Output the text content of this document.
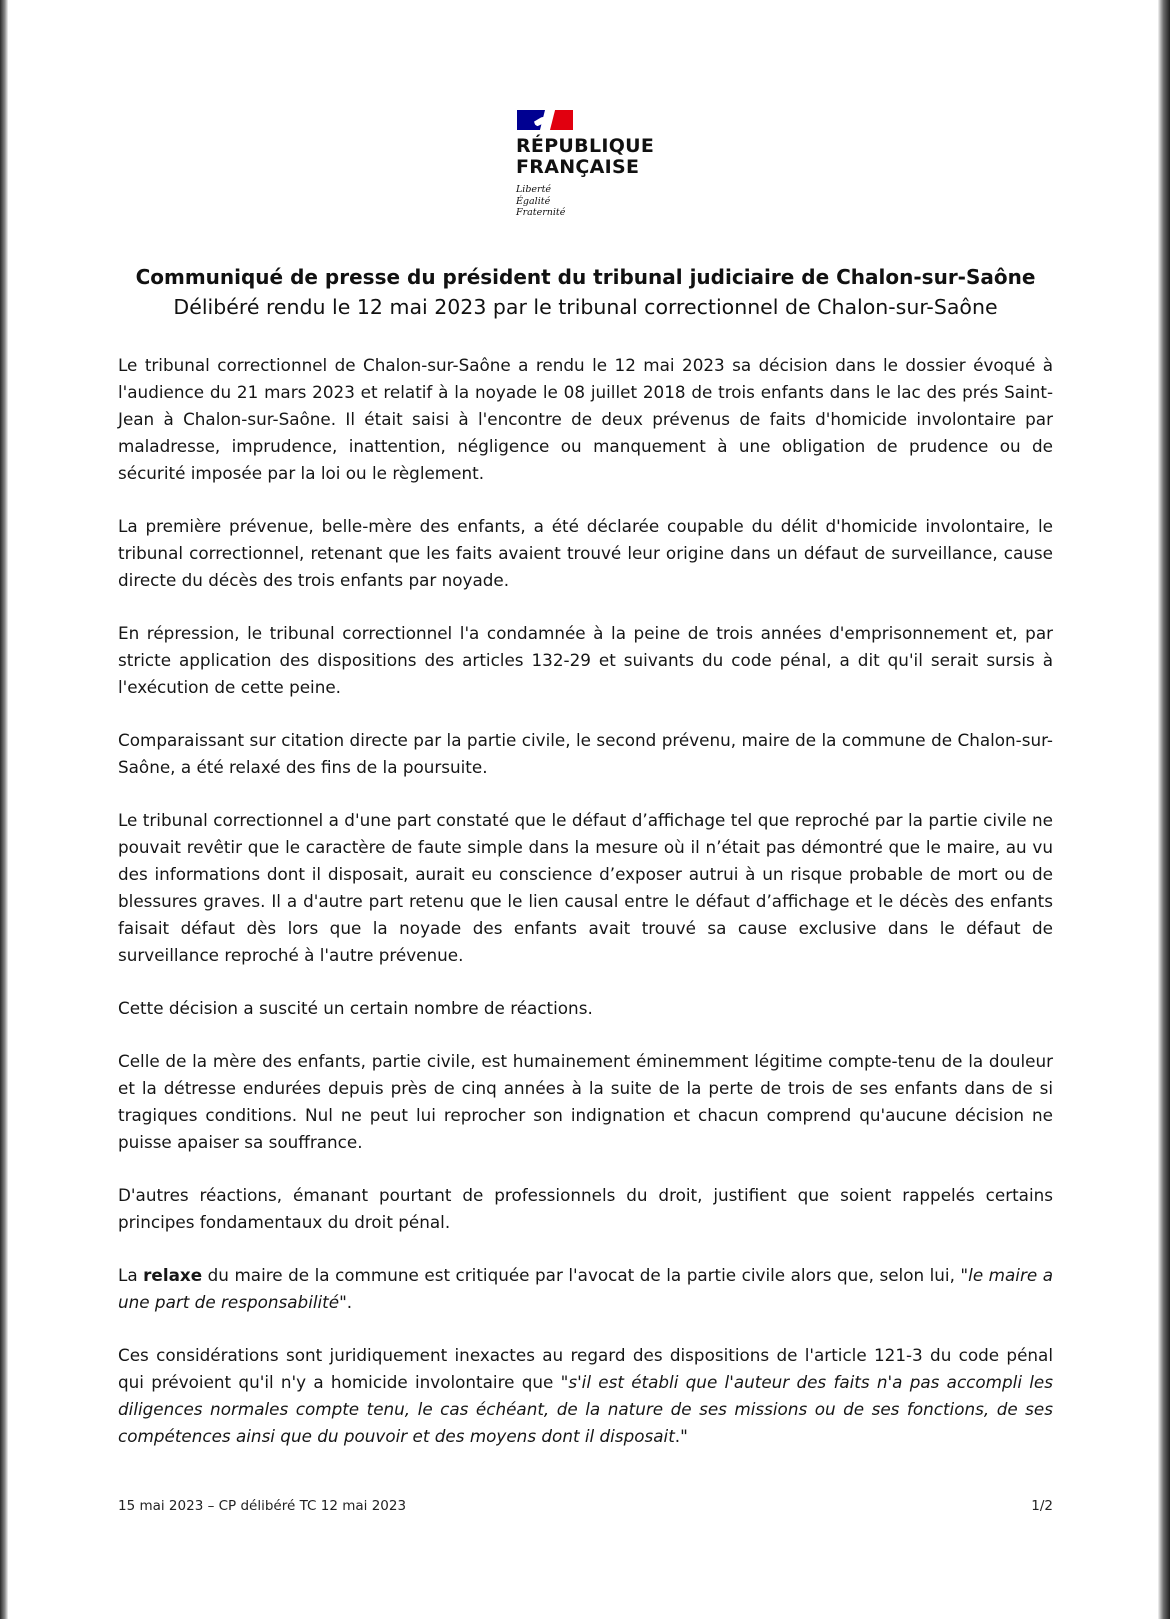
RÉPUBLIQUE
FRANÇAISE
Liberté
Égalité
Fraternité
Communiqué de presse du président du tribunal judiciaire de Chalon-sur-Saône
Délibéré rendu le 12 mai 2023 par le tribunal correctionnel de Chalon-sur-Saône

Le tribunal correctionnel de Chalon-sur-Saône a rendu le 12 mai 2023 sa décision dans le dossier évoqué à l'audience du 21 mars 2023 et relatif à la noyade le 08 juillet 2018 de trois enfants dans le lac des prés Saint-Jean à Chalon-sur-Saône. Il était saisi à l'encontre de deux prévenus de faits d'homicide involontaire par maladresse, imprudence, inattention, négligence ou manquement à une obligation de prudence ou de sécurité imposée par la loi ou le règlement.

La première prévenue, belle-mère des enfants, a été déclarée coupable du délit d'homicide involontaire, le tribunal correctionnel, retenant que les faits avaient trouvé leur origine dans un défaut de surveillance, cause directe du décès des trois enfants par noyade.

En répression, le tribunal correctionnel l'a condamnée à la peine de trois années d'emprisonnement et, par stricte application des dispositions des articles 132-29 et suivants du code pénal, a dit qu'il serait sursis à l'exécution de cette peine.

Comparaissant sur citation directe par la partie civile, le second prévenu, maire de la commune de Chalon-sur-Saône, a été relaxé des fins de la poursuite.

Le tribunal correctionnel a d'une part constaté que le défaut d’affichage tel que reproché par la partie civile ne pouvait revêtir que le caractère de faute simple dans la mesure où il n’était pas démontré que le maire, au vu des informations dont il disposait, aurait eu conscience d’exposer autrui à un risque probable de mort ou de blessures graves. Il a d'autre part retenu que le lien causal entre le défaut d’affichage et le décès des enfants faisait défaut dès lors que la noyade des enfants avait trouvé sa cause exclusive dans le défaut de surveillance reproché à l'autre prévenue.

Cette décision a suscité un certain nombre de réactions.

Celle de la mère des enfants, partie civile, est humainement éminemment légitime compte-tenu de la douleur et la détresse endurées depuis près de cinq années à la suite de la perte de trois de ses enfants dans de si tragiques conditions. Nul ne peut lui reprocher son indignation et chacun comprend qu'aucune décision ne puisse apaiser sa souffrance.

D'autres réactions, émanant pourtant de professionnels du droit, justifient que soient rappelés certains principes fondamentaux du droit pénal.

La relaxe du maire de la commune est critiquée par l'avocat de la partie civile alors que, selon lui, "le maire a une part de responsabilité".

Ces considérations sont juridiquement inexactes au regard des dispositions de l'article 121-3 du code pénal qui prévoient qu'il n'y a homicide involontaire que "s'il est établi que l'auteur des faits n'a pas accompli les diligences normales compte tenu, le cas échéant, de la nature de ses missions ou de ses fonctions, de ses compétences ainsi que du pouvoir et des moyens dont il disposait."

15 mai 2023 – CP délibéré TC 12 mai 2023	1/2
